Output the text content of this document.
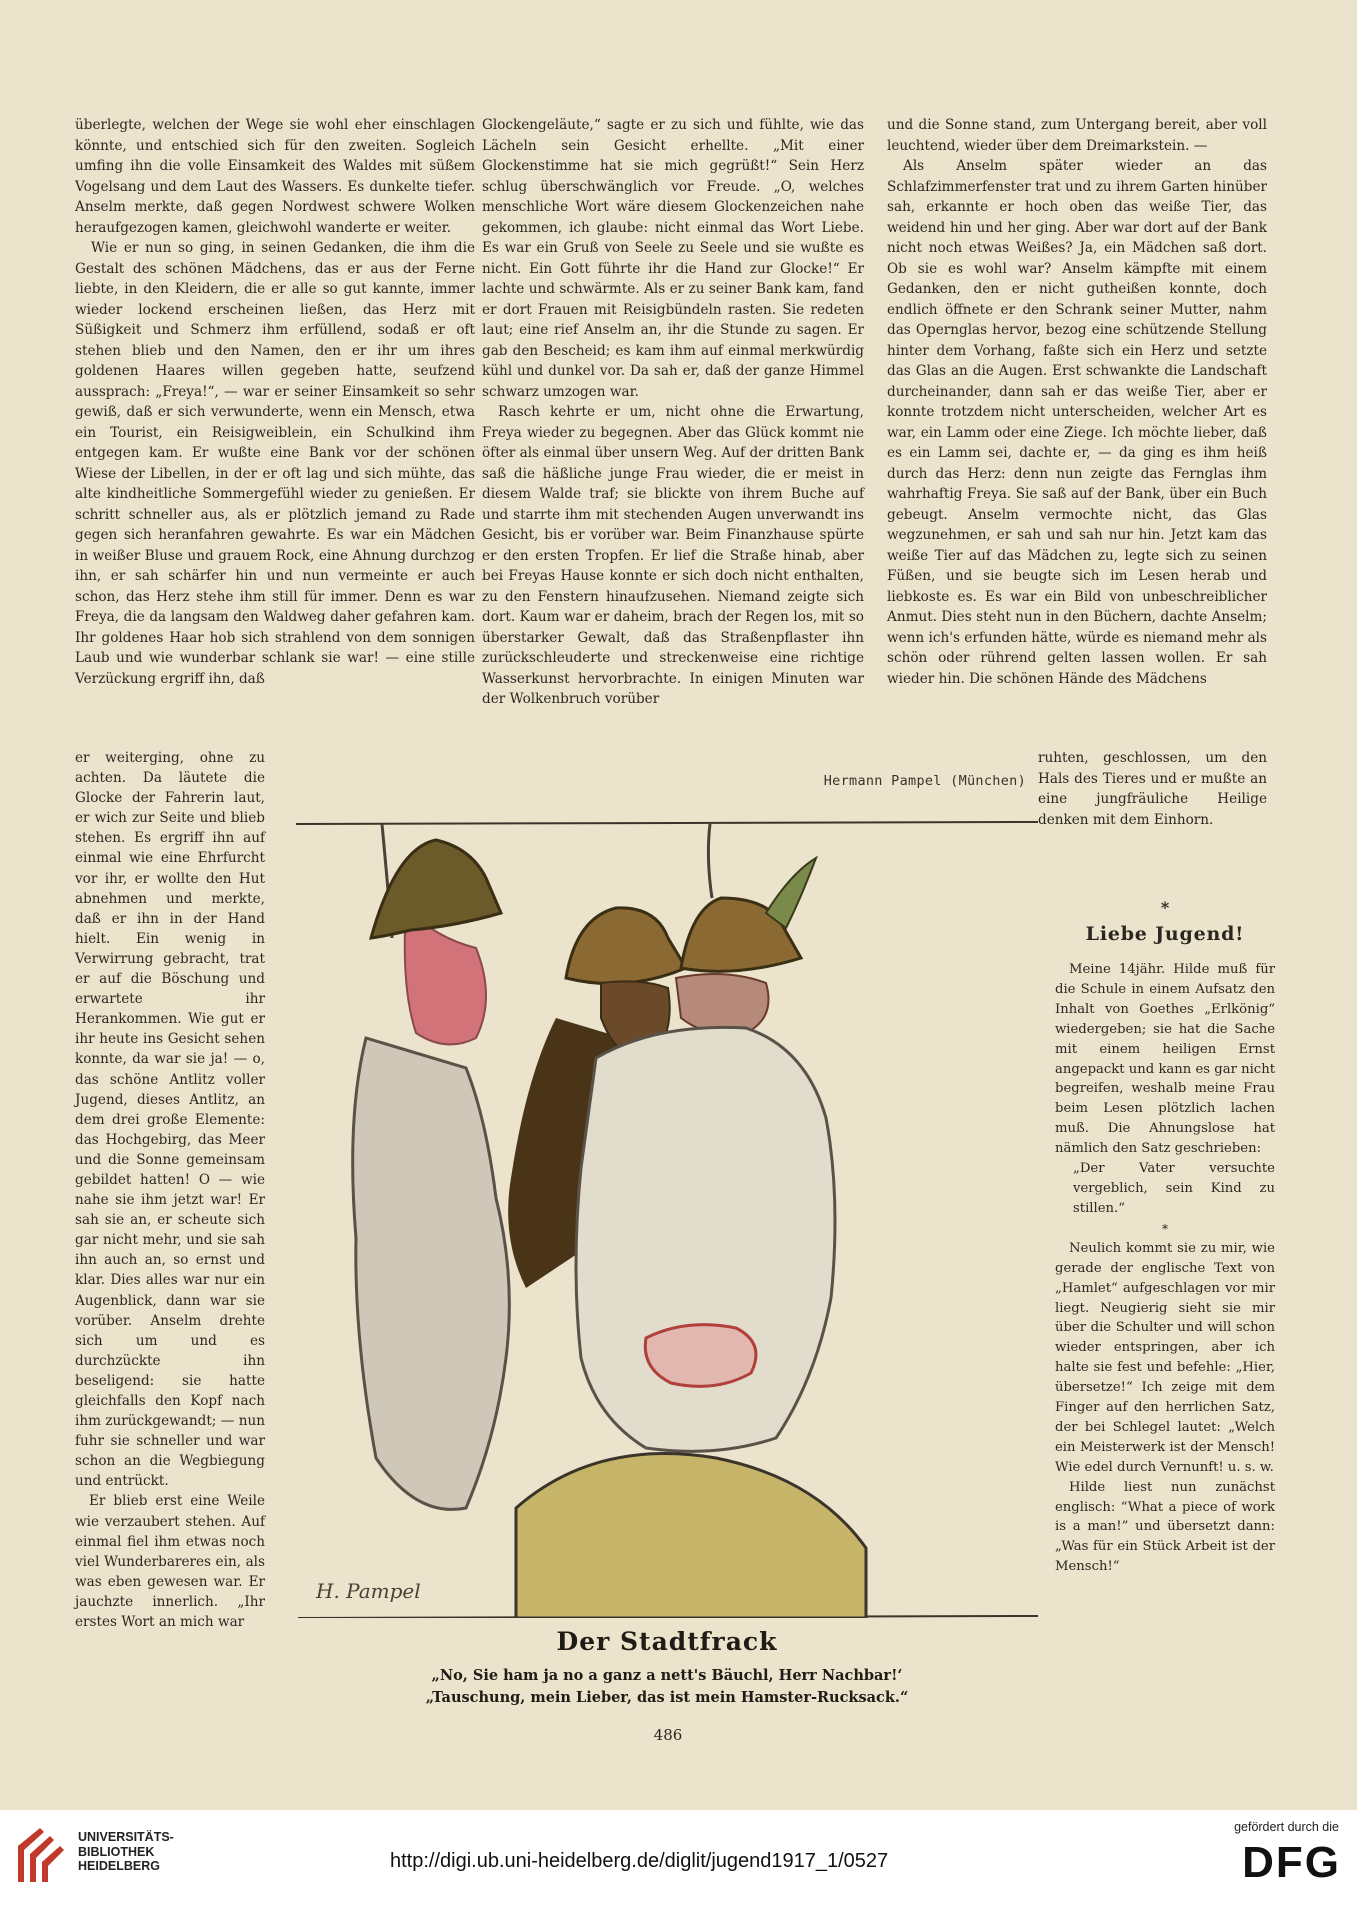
überlegte, welchen der Wege sie wohl eher einschlagen könnte, und entschied sich für den zweiten. Sogleich umfing ihn die volle Einsamkeit des Waldes mit süßem Vogelsang und dem Laut des Wassers. Es dunkelte tiefer. Anselm merkte, daß gegen Nordwest schwere Wolken heraufgezogen kamen, gleichwohl wanderte er weiter.

Wie er nun so ging, in seinen Gedanken, die ihm die Gestalt des schönen Mädchens, das er aus der Ferne liebte, in den Kleidern, die er alle so gut kannte, immer wieder lockend erscheinen ließen, das Herz mit Süßigkeit und Schmerz ihm erfüllend, sodaß er oft stehen blieb und den Namen, den er ihr um ihres goldenen Haares willen gegeben hatte, seufzend aussprach: „Freya!“, — war er seiner Einsamkeit so sehr gewiß, daß er sich verwunderte, wenn ein Mensch, etwa ein Tourist, ein Reisigweiblein, ein Schulkind ihm entgegen kam. Er wußte eine Bank vor der schönen Wiese der Libellen, in der er oft lag und sich mühte, das alte kindheitliche Sommergefühl wieder zu genießen. Er schritt schneller aus, als er plötzlich jemand zu Rade gegen sich heranfahren gewahrte. Es war ein Mädchen in weißer Bluse und grauem Rock, eine Ahnung durchzog ihn, er sah schärfer hin und nun vermeinte er auch schon, das Herz stehe ihm still für immer. Denn es war Freya, die da langsam den Waldweg daher gefahren kam. Ihr goldenes Haar hob sich strahlend von dem sonnigen Laub und wie wunderbar schlank sie war! — eine stille Verzückung ergriff ihn, daß

er weiterging, ohne zu achten. Da läutete die Glocke der Fahrerin laut, er wich zur Seite und blieb stehen. Es ergriff ihn auf einmal wie eine Ehrfurcht vor ihr, er wollte den Hut abnehmen und merkte, daß er ihn in der Hand hielt. Ein wenig in Verwirrung gebracht, trat er auf die Böschung und erwartete ihr Herankommen. Wie gut er ihr heute ins Gesicht sehen konnte, da war sie ja! — o, das schöne Antlitz voller Jugend, dieses Antlitz, an dem drei große Elemente: das Hochgebirg, das Meer und die Sonne gemeinsam gebildet hatten! O — wie nahe sie ihm jetzt war! Er sah sie an, er scheute sich gar nicht mehr, und sie sah ihn auch an, so ernst und klar. Dies alles war nur ein Augenblick, dann war sie vorüber. Anselm drehte sich um und es durchzückte ihn beseligend: sie hatte gleichfalls den Kopf nach ihm zurückgewandt; — nun fuhr sie schneller und war schon an die Wegbiegung und entrückt.

Er blieb erst eine Weile wie verzaubert stehen. Auf einmal fiel ihm etwas noch viel Wunderbareres ein, als was eben gewesen war. Er jauchzte innerlich. „Ihr erstes Wort an mich war

Glockengeläute,“ sagte er zu sich und fühlte, wie das Lächeln sein Gesicht erhellte. „Mit einer Glockenstimme hat sie mich gegrüßt!“ Sein Herz schlug überschwänglich vor Freude. „O, welches menschliche Wort wäre diesem Glockenzeichen nahe gekommen, ich glaube: nicht einmal das Wort Liebe. Es war ein Gruß von Seele zu Seele und sie wußte es nicht. Ein Gott führte ihr die Hand zur Glocke!“ Er lachte und schwärmte. Als er zu seiner Bank kam, fand er dort Frauen mit Reisigbündeln rasten. Sie redeten laut; eine rief Anselm an, ihr die Stunde zu sagen. Er gab den Bescheid; es kam ihm auf einmal merkwürdig kühl und dunkel vor. Da sah er, daß der ganze Himmel schwarz umzogen war.

Rasch kehrte er um, nicht ohne die Erwartung, Freya wieder zu begegnen. Aber das Glück kommt nie öfter als einmal über unsern Weg. Auf der dritten Bank saß die häßliche junge Frau wieder, die er meist in diesem Walde traf; sie blickte von ihrem Buche auf und starrte ihm mit stechenden Augen unverwandt ins Gesicht, bis er vorüber war. Beim Finanzhause spürte er den ersten Tropfen. Er lief die Straße hinab, aber bei Freyas Hause konnte er sich doch nicht enthalten, zu den Fenstern hinaufzusehen. Niemand zeigte sich dort. Kaum war er daheim, brach der Regen los, mit so überstarker Gewalt, daß das Straßenpflaster ihn zurückschleuderte und streckenweise eine richtige Wasserkunst hervorbrachte. In einigen Minuten war der Wolkenbruch vorüber

und die Sonne stand, zum Untergang bereit, aber voll leuchtend, wieder über dem Dreimarkstein. —

Als Anselm später wieder an das Schlafzimmerfenster trat und zu ihrem Garten hinüber sah, erkannte er hoch oben das weiße Tier, das weidend hin und her ging. Aber war dort auf der Bank nicht noch etwas Weißes? Ja, ein Mädchen saß dort. Ob sie es wohl war? Anselm kämpfte mit einem Gedanken, den er nicht gutheißen konnte, doch endlich öffnete er den Schrank seiner Mutter, nahm das Opernglas hervor, bezog eine schützende Stellung hinter dem Vorhang, faßte sich ein Herz und setzte das Glas an die Augen. Erst schwankte die Landschaft durcheinander, dann sah er das weiße Tier, aber er konnte trotzdem nicht unterscheiden, welcher Art es war, ein Lamm oder eine Ziege. Ich möchte lieber, daß es ein Lamm sei, dachte er, — da ging es ihm heiß durch das Herz: denn nun zeigte das Fernglas ihm wahrhaftig Freya. Sie saß auf der Bank, über ein Buch gebeugt. Anselm vermochte nicht, das Glas wegzunehmen, er sah und sah nur hin. Jetzt kam das weiße Tier auf das Mädchen zu, legte sich zu seinen Füßen, und sie beugte sich im Lesen herab und liebkoste es. Es war ein Bild von unbeschreiblicher Anmut. Dies steht nun in den Büchern, dachte Anselm; wenn ich's erfunden hätte, würde es niemand mehr als schön oder rührend gelten lassen wollen. Er sah wieder hin. Die schönen Hände des Mädchens

ruhten, geschlossen, um den Hals des Tieres und er mußte an eine jungfräuliche Heilige denken mit dem Einhorn.

Hermann Pampel (München)
H. Pampel
Der Stadtfrack
„No, Sie ham ja no a ganz a nett's Bäuchl, Herr Nachbar!‘
„Tauschung, mein Lieber, das ist mein Hamster-Rucksack.“
*
Liebe Jugend!

Meine 14jähr. Hilde muß für die Schule in einem Aufsatz den Inhalt von Goethes „Erlkönig“ wiedergeben; sie hat die Sache mit einem heiligen Ernst angepackt und kann es gar nicht begreifen, weshalb meine Frau beim Lesen plötzlich lachen muß. Die Ahnungslose hat nämlich den Satz geschrieben:

„Der Vater versuchte vergeblich, sein Kind zu stillen.“

*

Neulich kommt sie zu mir, wie gerade der englische Text von „Hamlet“ aufgeschlagen vor mir liegt. Neugierig sieht sie mir über die Schulter und will schon wieder entspringen, aber ich halte sie fest und befehle: „Hier, übersetze!“ Ich zeige mit dem Finger auf den herrlichen Satz, der bei Schlegel lautet: „Welch ein Meisterwerk ist der Mensch! Wie edel durch Vernunft! u. s. w.

Hilde liest nun zunächst englisch: “What a piece of work is a man!” und übersetzt dann: „Was für ein Stück Arbeit ist der Mensch!“

486
UNIVERSITÄTS-
BIBLIOTHEK
HEIDELBERG	http://digi.ub.uni-heidelberg.de/diglit/jugend1917_1/0527
gefördert durch die
DFG
